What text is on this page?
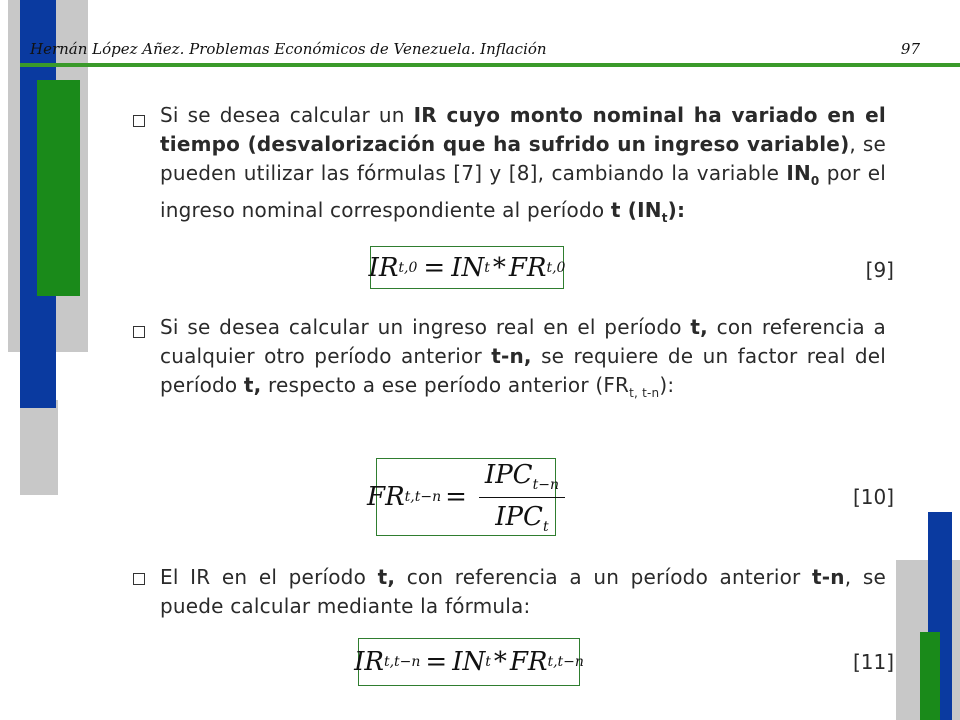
Hernán López Añez. Problemas Económicos de Venezuela. Inflación	97
Si se desea calcular un IR cuyo monto nominal ha variado en el tiempo (desvalorización que ha sufrido un ingreso variable), se pueden utilizar las fórmulas [7] y [8], cambiando la variable $IN_0$ por el ingreso nominal correspondiente al período t $(IN_t)$:
IR t,0 = IN t * FR t,0	[9]
Si se desea calcular un ingreso real en el período t, con referencia a cualquier otro período anterior t-n, se requiere de un factor real del período t, respecto a ese período anterior $(FR_{t, t-n})$:
FR $t,t-n = \frac{IPC_{t-n}}{IPC_t}$	[10]
El IR en el período t, con referencia a un período anterior t-n, se puede calcular mediante la fórmula:
IR t,t−n = IN t * FR t,t−n	[11]
